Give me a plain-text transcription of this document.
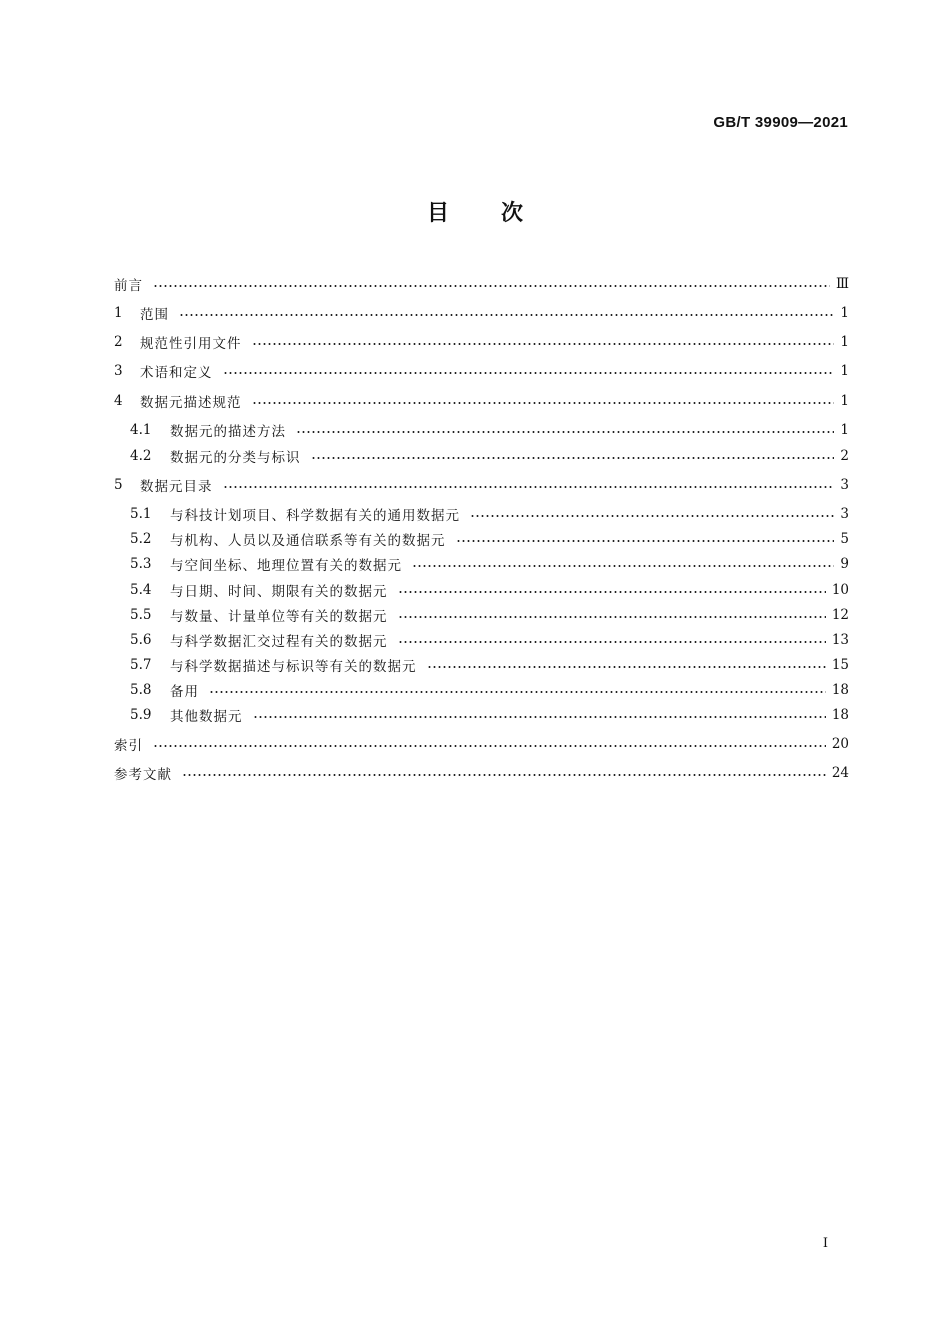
GB/T 39909—2021
目 次
前言	Ⅲ
1	范围	1
2	规范性引用文件	1
3	术语和定义	1
4	数据元描述规范	1
4.1	数据元的描述方法	1
4.2	数据元的分类与标识	2
5	数据元目录	3
5.1	与科技计划项目、科学数据有关的通用数据元	3
5.2	与机构、人员以及通信联系等有关的数据元	5
5.3	与空间坐标、地理位置有关的数据元	9
5.4	与日期、时间、期限有关的数据元	10
5.5	与数量、计量单位等有关的数据元	12
5.6	与科学数据汇交过程有关的数据元	13
5.7	与科学数据描述与标识等有关的数据元	15
5.8	备用	18
5.9	其他数据元	18
索引	20
参考文献	24
I
